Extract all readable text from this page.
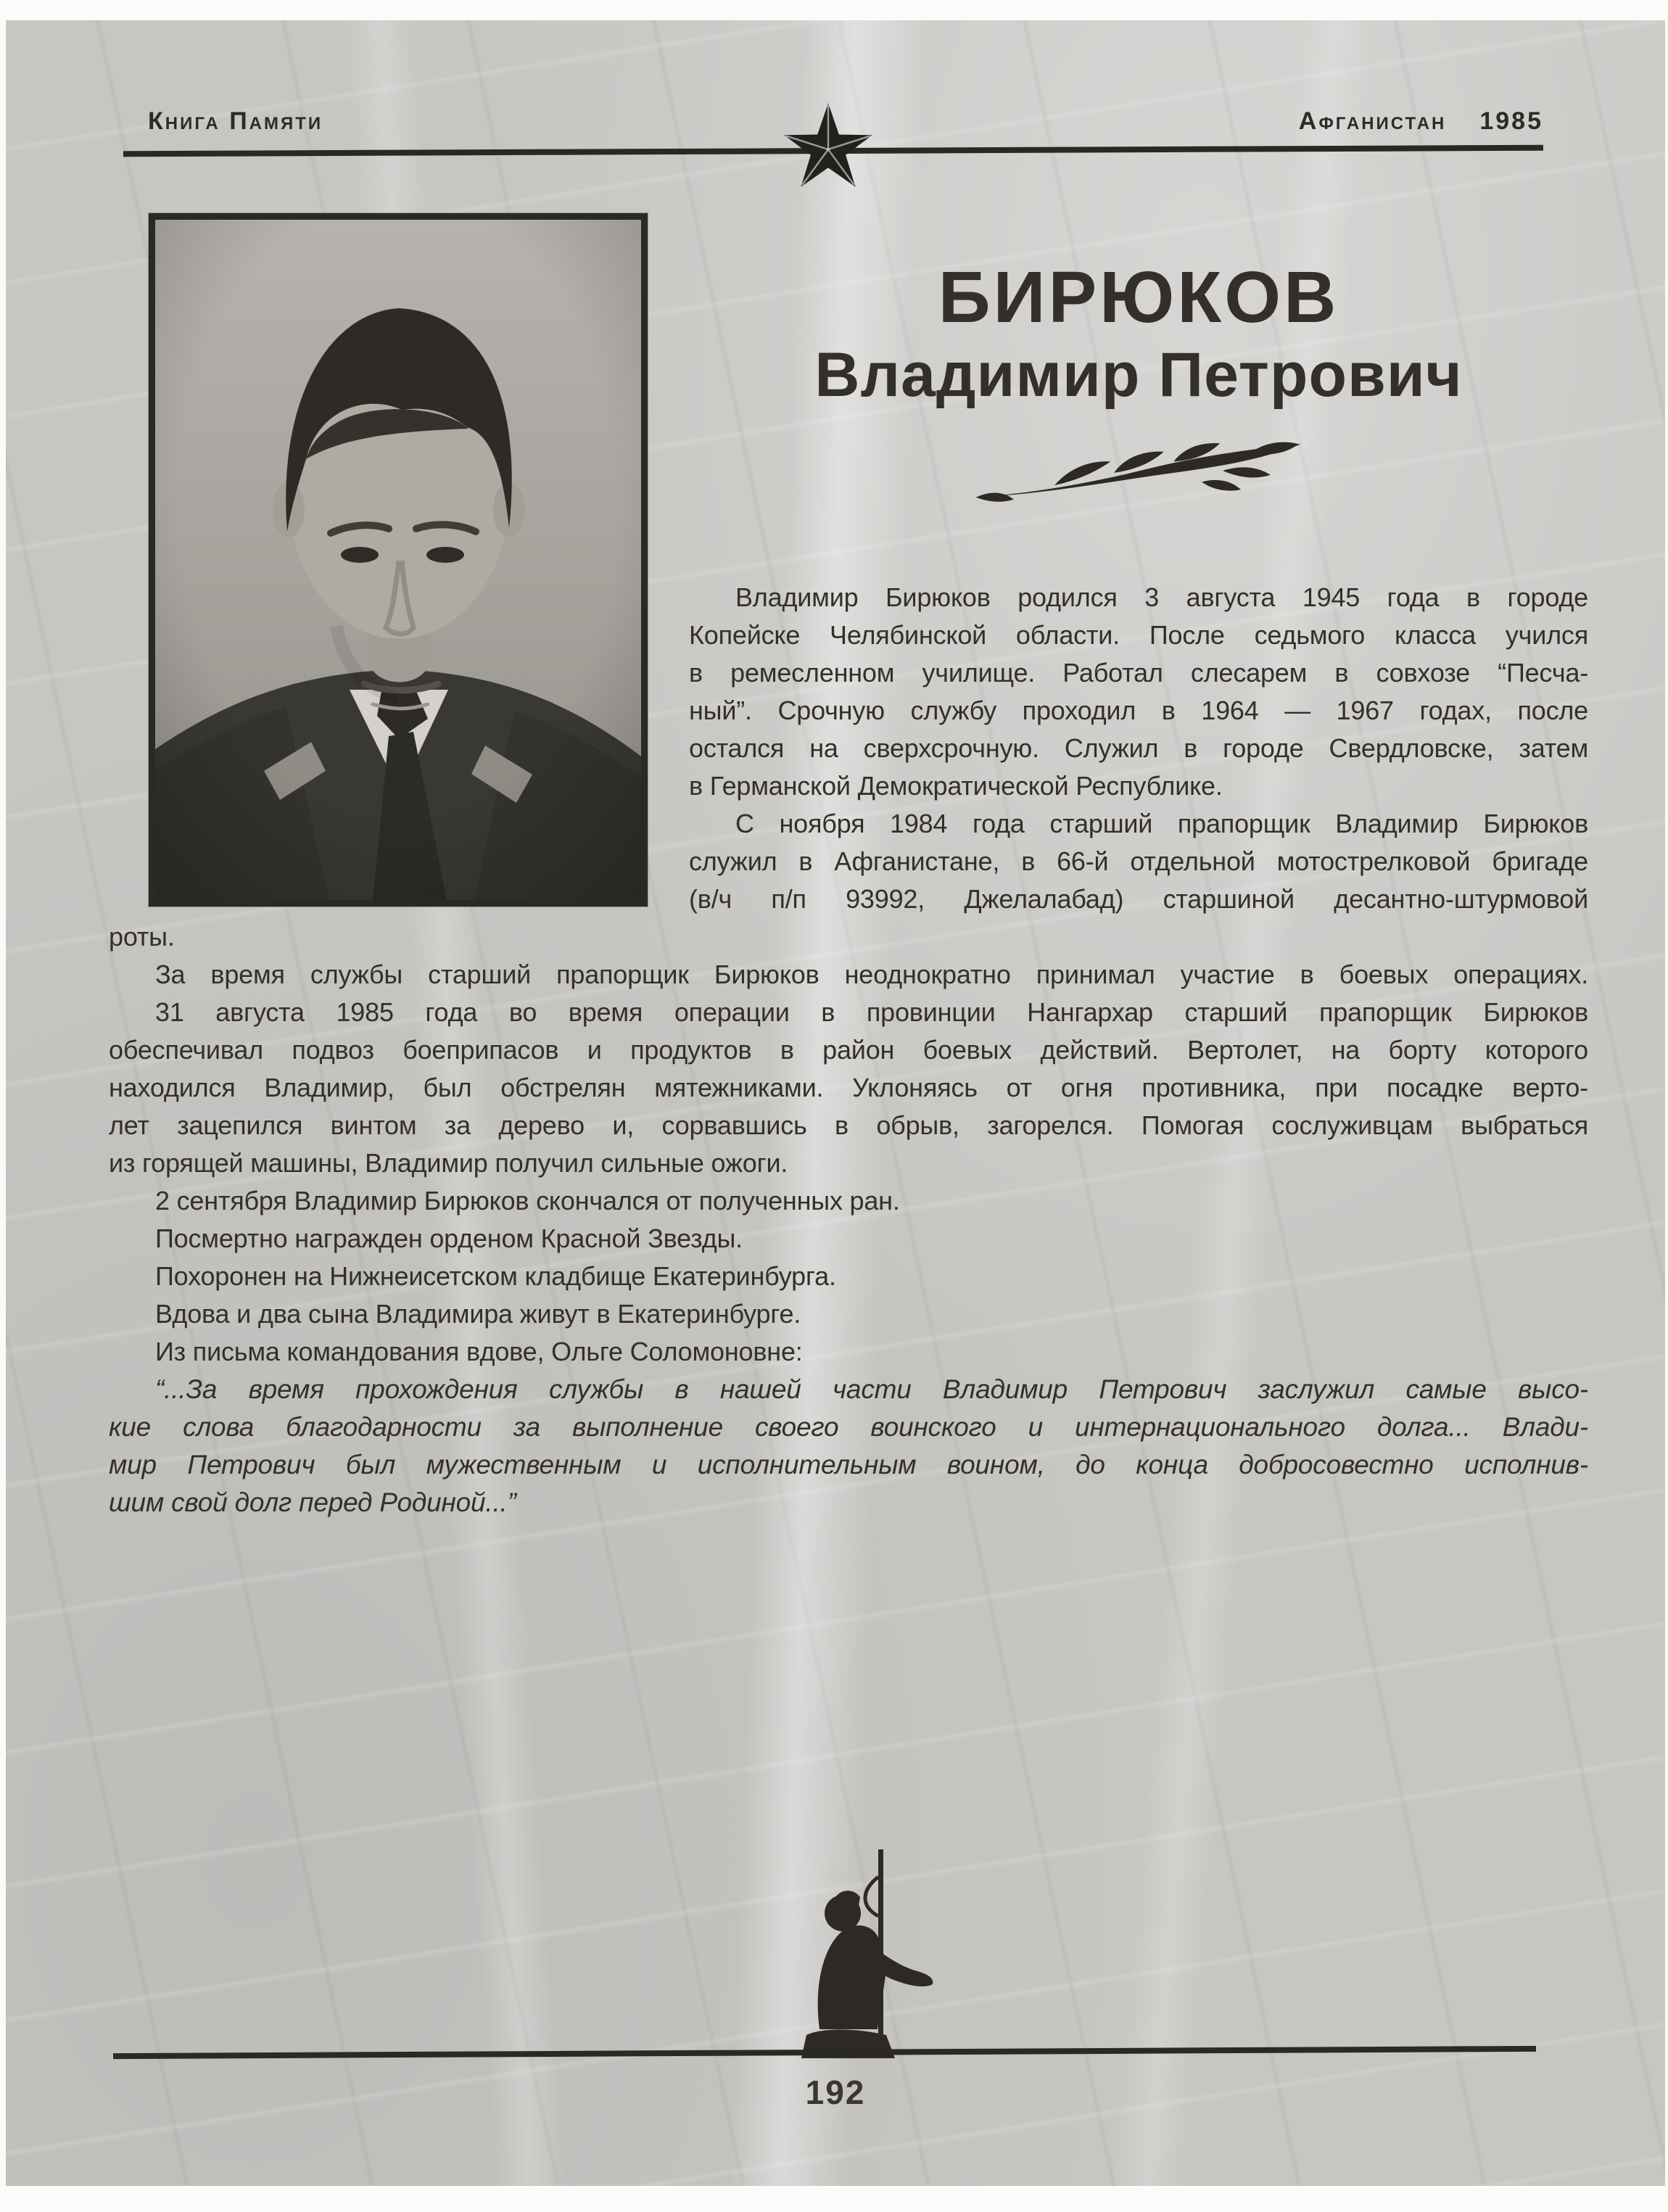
Книга Памяти	Афганистан 1985
БИРЮКОВ
Владимир Петрович
Владимир Бирюков родился 3 августа 1945 года в городе
Копейске Челябинской области. После седьмого класса учился
в ремесленном училище. Работал слесарем в совхозе “Песча-
ный”. Срочную службу проходил в 1964 — 1967 годах, после
остался на сверхсрочную. Служил в городе Свердловске, затем
в Германской Демократической Республике.
С ноября 1984 года старший прапорщик Владимир Бирюков
служил в Афганистане, в 66-й отдельной мотострелковой бригаде
(в/ч п/п 93992, Джелалабад) старшиной десантно-штурмовой
роты.
За время службы старший прапорщик Бирюков неоднократно принимал участие в боевых операциях.
31 августа 1985 года во время операции в провинции Нангархар старший прапорщик Бирюков
обеспечивал подвоз боеприпасов и продуктов в район боевых действий. Вертолет, на борту которого
находился Владимир, был обстрелян мятежниками. Уклоняясь от огня противника, при посадке верто-
лет зацепился винтом за дерево и, сорвавшись в обрыв, загорелся. Помогая сослуживцам выбраться
из горящей машины, Владимир получил сильные ожоги.
2 сентября Владимир Бирюков скончался от полученных ран.
Посмертно награжден орденом Красной Звезды.
Похоронен на Нижнеисетском кладбище Екатеринбурга.
Вдова и два сына Владимира живут в Екатеринбурге.
Из письма командования вдове, Ольге Соломоновне:
“...За время прохождения службы в нашей части Владимир Петрович заслужил самые высо-
кие слова благодарности за выполнение своего воинского и интернационального долга... Влади-
мир Петрович был мужественным и исполнительным воином, до конца добросовестно исполнив-
шим свой долг перед Родиной...”
192
